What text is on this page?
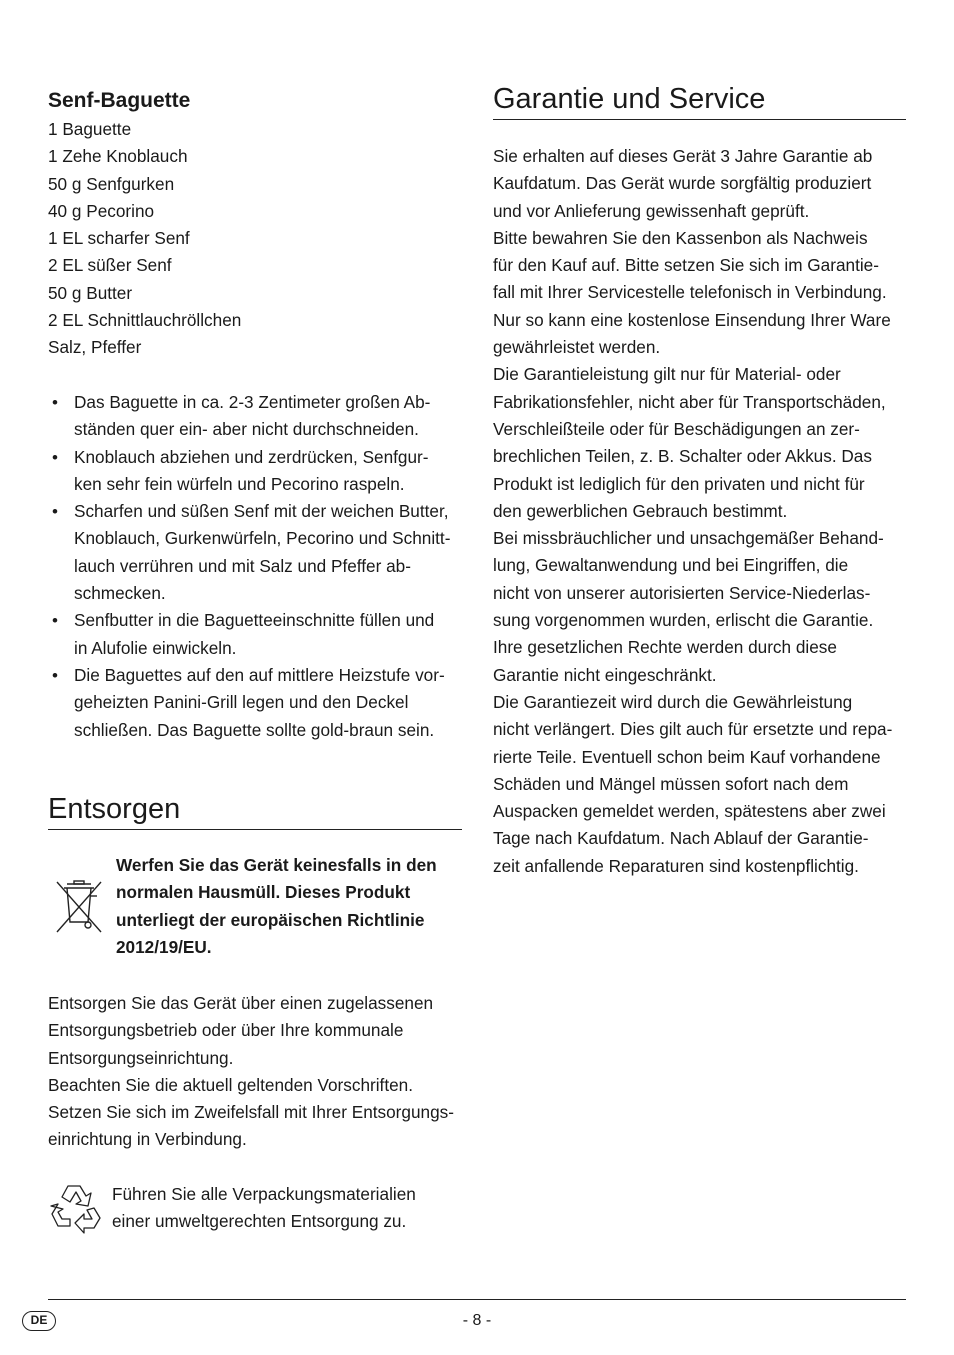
Senf-Baguette
1 Baguette
1 Zehe Knoblauch
50 g Senfgurken
40 g Pecorino
1 EL scharfer Senf
2 EL süßer Senf
50 g Butter
2 EL Schnittlauchröllchen
Salz, Pfeffer
• Das Baguette in ca. 2-3 Zentimeter großen Ab-
ständen quer ein- aber nicht durchschneiden.
• Knoblauch abziehen und zerdrücken, Senfgur-
ken sehr fein würfeln und Pecorino raspeln.
• Scharfen und süßen Senf mit der weichen Butter,
Knoblauch, Gurkenwürfeln, Pecorino und Schnitt-
lauch verrühren und mit Salz und Pfeffer ab-
schmecken.
• Senfbutter in die Baguetteeinschnitte füllen und
in Alufolie einwickeln.
• Die Baguettes auf den auf mittlere Heizstufe vor-
geheizten Panini-Grill legen und den Deckel
schließen. Das Baguette sollte gold-braun sein.
Entsorgen
Werfen Sie das Gerät keinesfalls in den
normalen Hausmüll. Dieses Produkt
unterliegt der europäischen Richtlinie
2012/19/EU.
Entsorgen Sie das Gerät über einen zugelassenen
Entsorgungsbetrieb oder über Ihre kommunale
Entsorgungseinrichtung.
Beachten Sie die aktuell geltenden Vorschriften.
Setzen Sie sich im Zweifelsfall mit Ihrer Entsorgungs-
einrichtung in Verbindung.
Führen Sie alle Verpackungsmaterialien
einer umweltgerechten Entsorgung zu.
Garantie und Service
Sie erhalten auf dieses Gerät 3 Jahre Garantie ab
Kaufdatum. Das Gerät wurde sorgfältig produziert
und vor Anlieferung gewissenhaft geprüft.
Bitte bewahren Sie den Kassenbon als Nachweis
für den Kauf auf. Bitte setzen Sie sich im Garantie-
fall mit Ihrer Servicestelle telefonisch in Verbindung.
Nur so kann eine kostenlose Einsendung Ihrer Ware
gewährleistet werden.
Die Garantieleistung gilt nur für Material- oder
Fabrikationsfehler, nicht aber für Transportschäden,
Verschleißteile oder für Beschädigungen an zer-
brechlichen Teilen, z. B. Schalter oder Akkus. Das
Produkt ist lediglich für den privaten und nicht für
den gewerblichen Gebrauch bestimmt.
Bei missbräuchlicher und unsachgemäßer Behand-
lung, Gewaltanwendung und bei Eingriffen, die
nicht von unserer autorisierten Service-Niederlas-
sung vorgenommen wurden, erlischt die Garantie.
Ihre gesetzlichen Rechte werden durch diese
Garantie nicht eingeschränkt.
Die Garantiezeit wird durch die Gewährleistung
nicht verlängert. Dies gilt auch für ersetzte und repa-
rierte Teile. Eventuell schon beim Kauf vorhandene
Schäden und Mängel müssen sofort nach dem
Auspacken gemeldet werden, spätestens aber zwei
Tage nach Kaufdatum. Nach Ablauf der Garantie-
zeit anfallende Reparaturen sind kostenpflichtig.
DE	- 8 -
